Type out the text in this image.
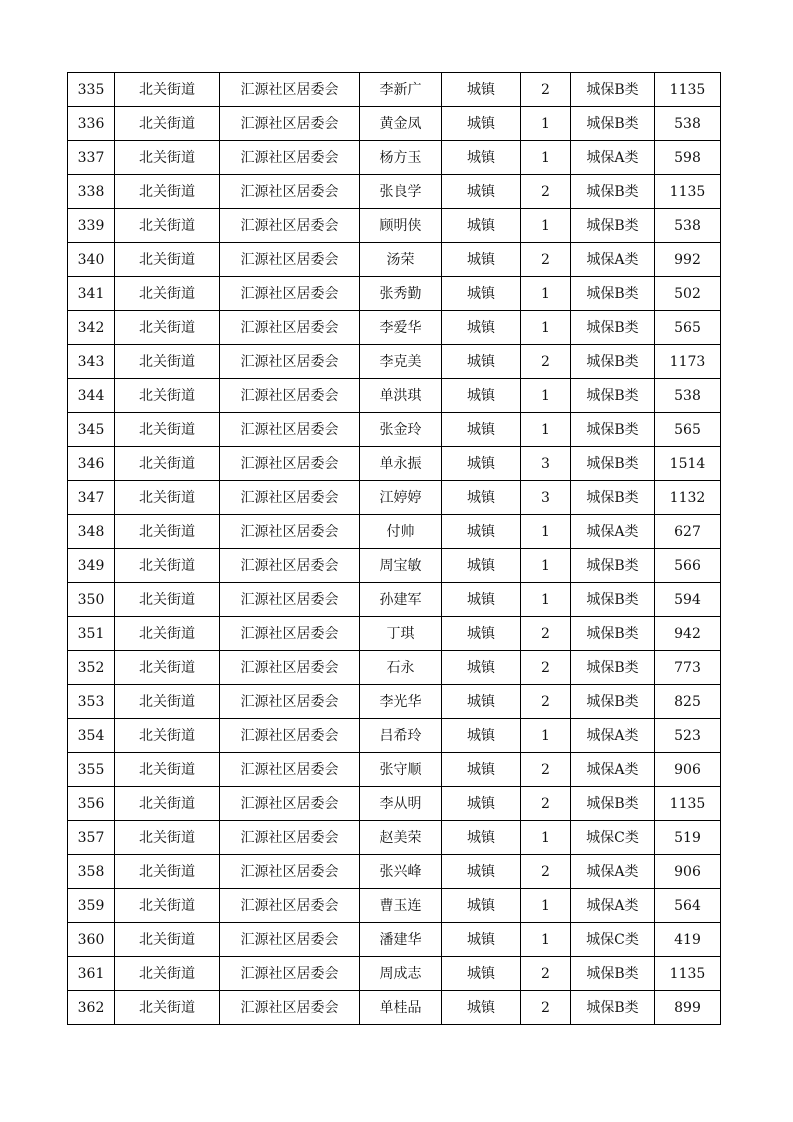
335	北关街道	汇源社区居委会	李新广	城镇	2	城保B类	1135
336	北关街道	汇源社区居委会	黄金凤	城镇	1	城保B类	538
337	北关街道	汇源社区居委会	杨方玉	城镇	1	城保A类	598
338	北关街道	汇源社区居委会	张良学	城镇	2	城保B类	1135
339	北关街道	汇源社区居委会	顾明侠	城镇	1	城保B类	538
340	北关街道	汇源社区居委会	汤荣	城镇	2	城保A类	992
341	北关街道	汇源社区居委会	张秀勤	城镇	1	城保B类	502
342	北关街道	汇源社区居委会	李爱华	城镇	1	城保B类	565
343	北关街道	汇源社区居委会	李克美	城镇	2	城保B类	1173
344	北关街道	汇源社区居委会	单洪琪	城镇	1	城保B类	538
345	北关街道	汇源社区居委会	张金玲	城镇	1	城保B类	565
346	北关街道	汇源社区居委会	单永振	城镇	3	城保B类	1514
347	北关街道	汇源社区居委会	江婷婷	城镇	3	城保B类	1132
348	北关街道	汇源社区居委会	付帅	城镇	1	城保A类	627
349	北关街道	汇源社区居委会	周宝敏	城镇	1	城保B类	566
350	北关街道	汇源社区居委会	孙建军	城镇	1	城保B类	594
351	北关街道	汇源社区居委会	丁琪	城镇	2	城保B类	942
352	北关街道	汇源社区居委会	石永	城镇	2	城保B类	773
353	北关街道	汇源社区居委会	李光华	城镇	2	城保B类	825
354	北关街道	汇源社区居委会	吕希玲	城镇	1	城保A类	523
355	北关街道	汇源社区居委会	张守顺	城镇	2	城保A类	906
356	北关街道	汇源社区居委会	李从明	城镇	2	城保B类	1135
357	北关街道	汇源社区居委会	赵美荣	城镇	1	城保C类	519
358	北关街道	汇源社区居委会	张兴峰	城镇	2	城保A类	906
359	北关街道	汇源社区居委会	曹玉连	城镇	1	城保A类	564
360	北关街道	汇源社区居委会	潘建华	城镇	1	城保C类	419
361	北关街道	汇源社区居委会	周成志	城镇	2	城保B类	1135
362	北关街道	汇源社区居委会	单桂品	城镇	2	城保B类	899
